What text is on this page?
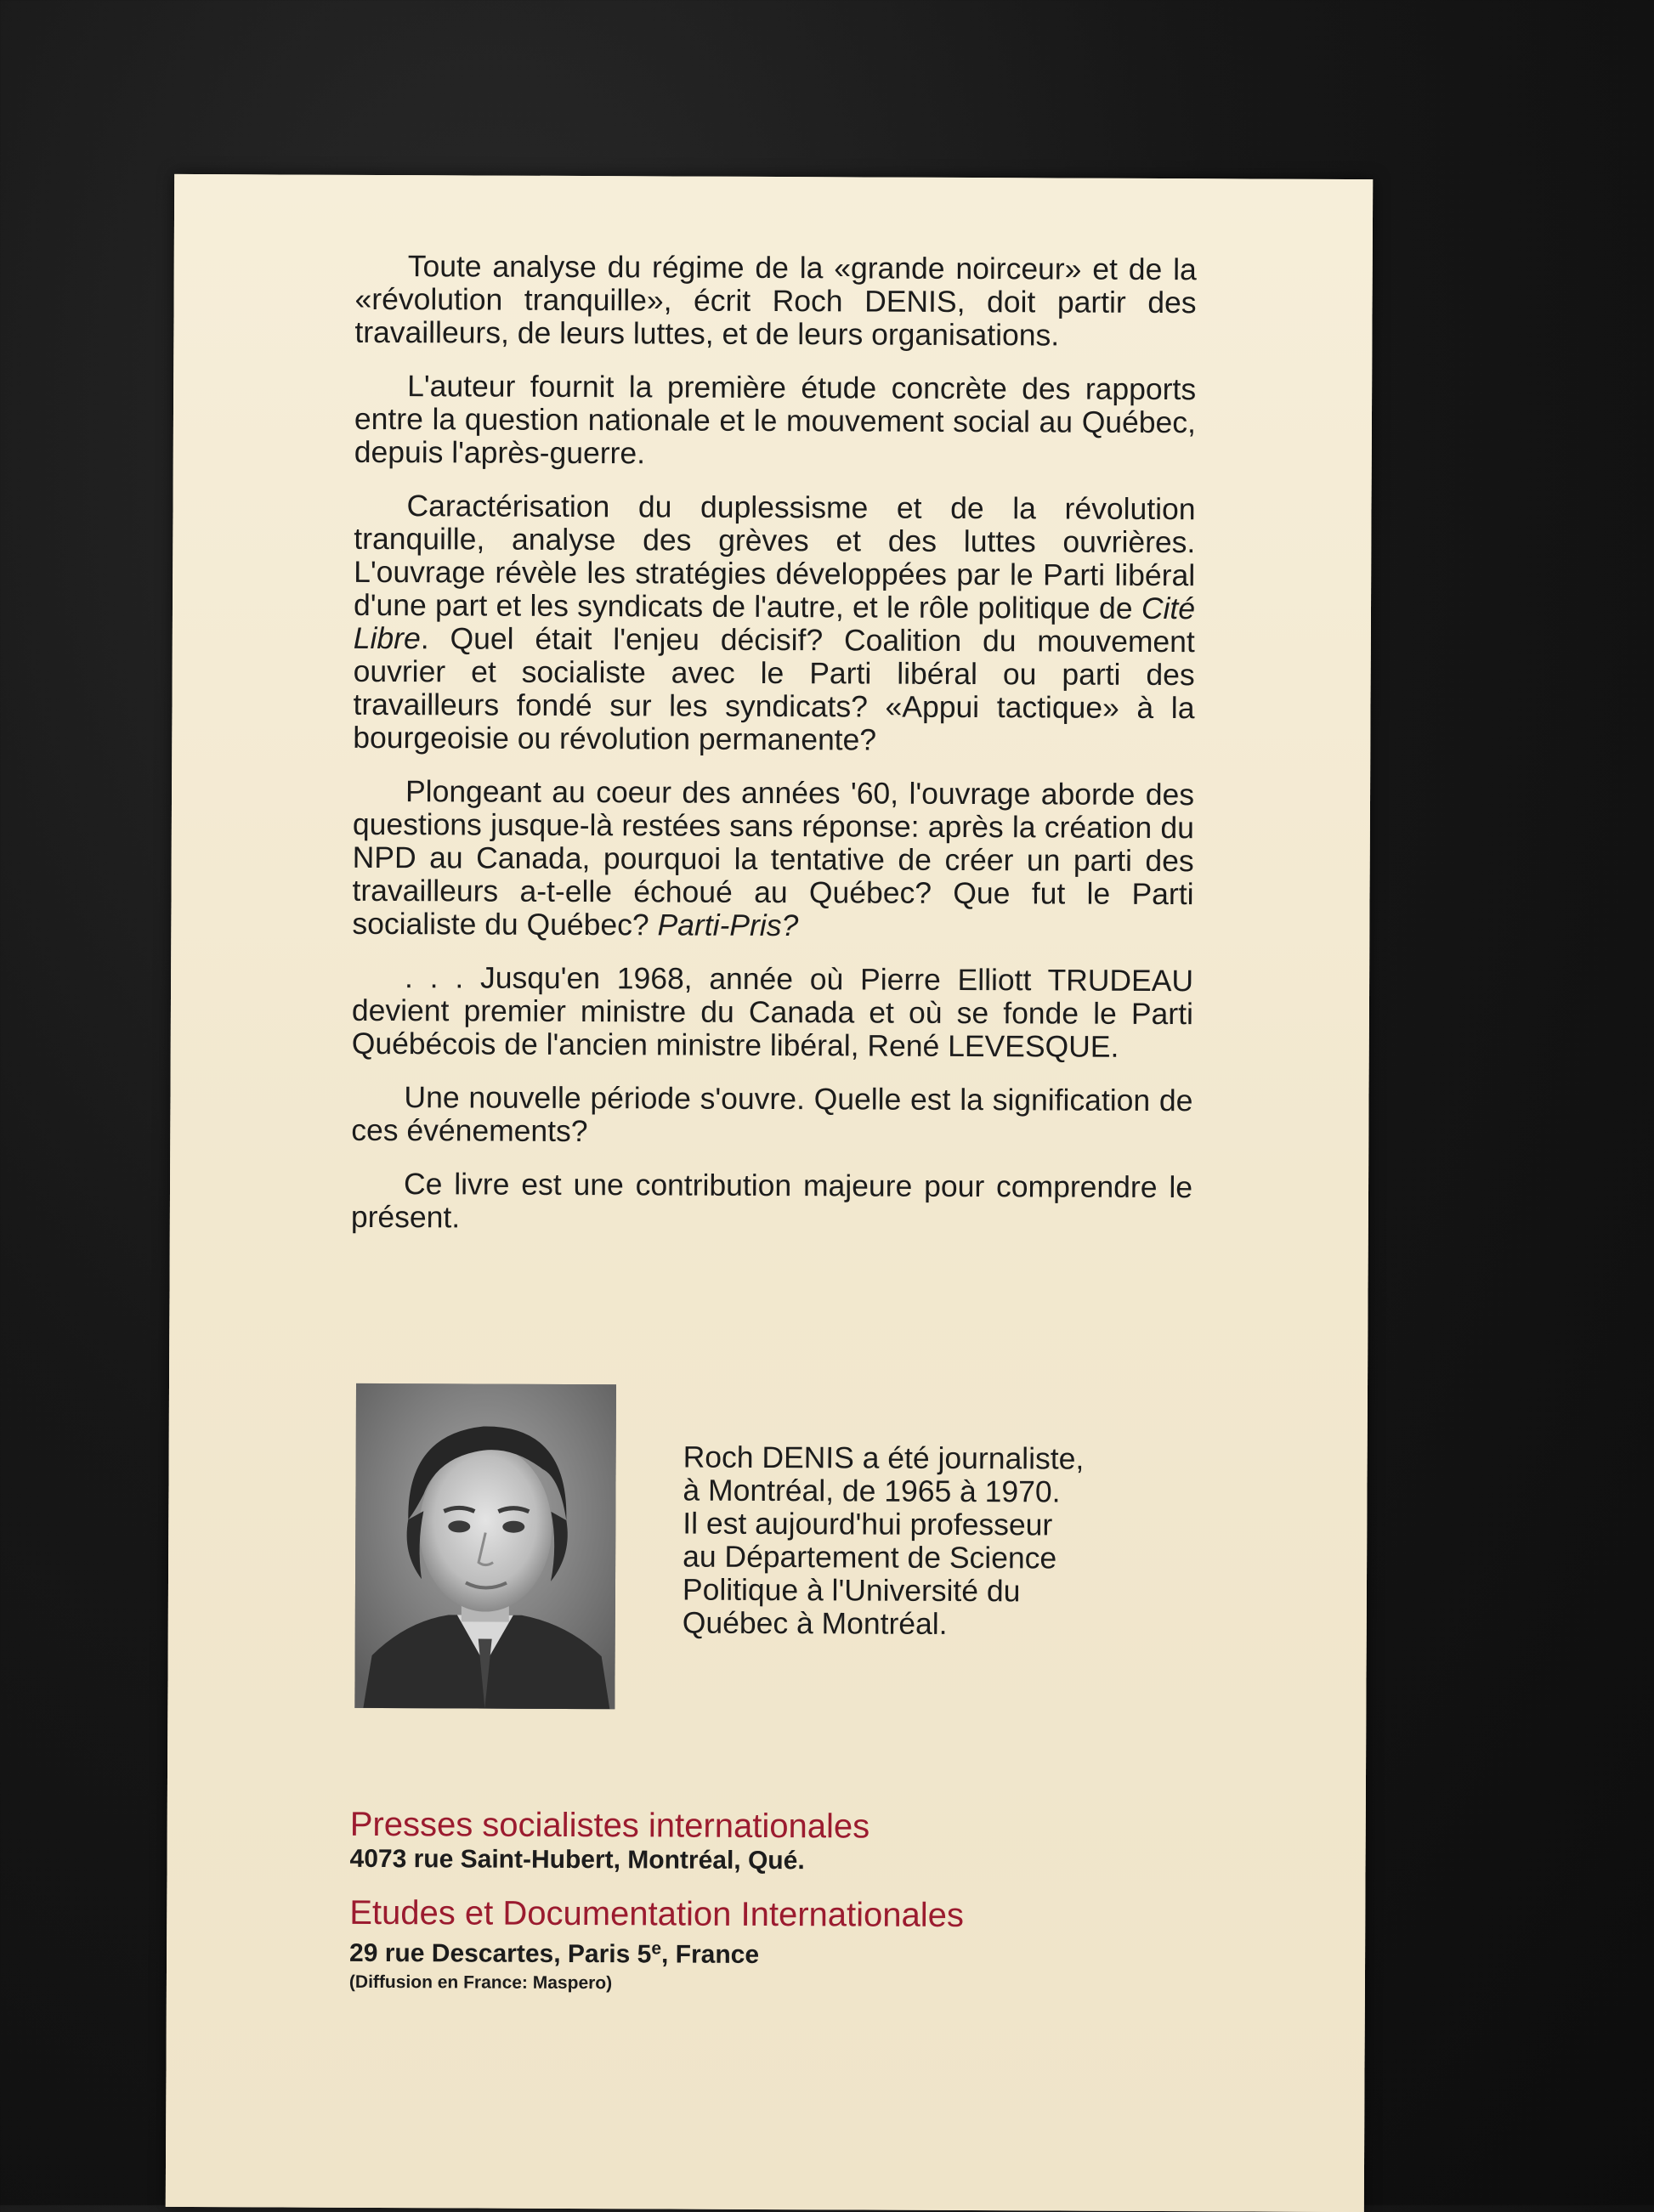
Toute analyse du régime de la «grande noirceur» et de la «révolution tranquille», écrit Roch DENIS, doit partir des travailleurs, de leurs luttes, et de leurs organisations.

L'auteur fournit la première étude concrète des rapports entre la question nationale et le mouvement social au Québec, depuis l'après-guerre.

Caractérisation du duplessisme et de la révolution tranquille, analyse des grèves et des luttes ouvrières. L'ouvrage révèle les stratégies développées par le Parti libéral d'une part et les syndicats de l'autre, et le rôle politique de Cité Libre. Quel était l'enjeu décisif? Coalition du mouvement ouvrier et socialiste avec le Parti libéral ou parti des travailleurs fondé sur les syndicats? «Appui tactique» à la bourgeoisie ou révolution permanente?

Plongeant au coeur des années '60, l'ouvrage aborde des questions jusque-là restées sans réponse: après la création du NPD au Canada, pourquoi la tentative de créer un parti des travailleurs a-t-elle échoué au Québec? Que fut le Parti socialiste du Québec? Parti-Pris?

. . . Jusqu'en 1968, année où Pierre Elliott TRUDEAU devient premier ministre du Canada et où se fonde le Parti Québécois de l'ancien ministre libéral, René LEVESQUE.

Une nouvelle période s'ouvre. Quelle est la signification de ces événements?

Ce livre est une contribution majeure pour comprendre le présent.

Roch DENIS a été journaliste,
à Montréal, de 1965 à 1970.
Il est aujourd'hui professeur
au Département de Science
Politique à l'Université du
Québec à Montréal.
Presses socialistes internationales
4073 rue Saint-Hubert, Montréal, Qué.
Etudes et Documentation Internationales
29 rue Descartes, Paris 5e, France
(Diffusion en France: Maspero)
